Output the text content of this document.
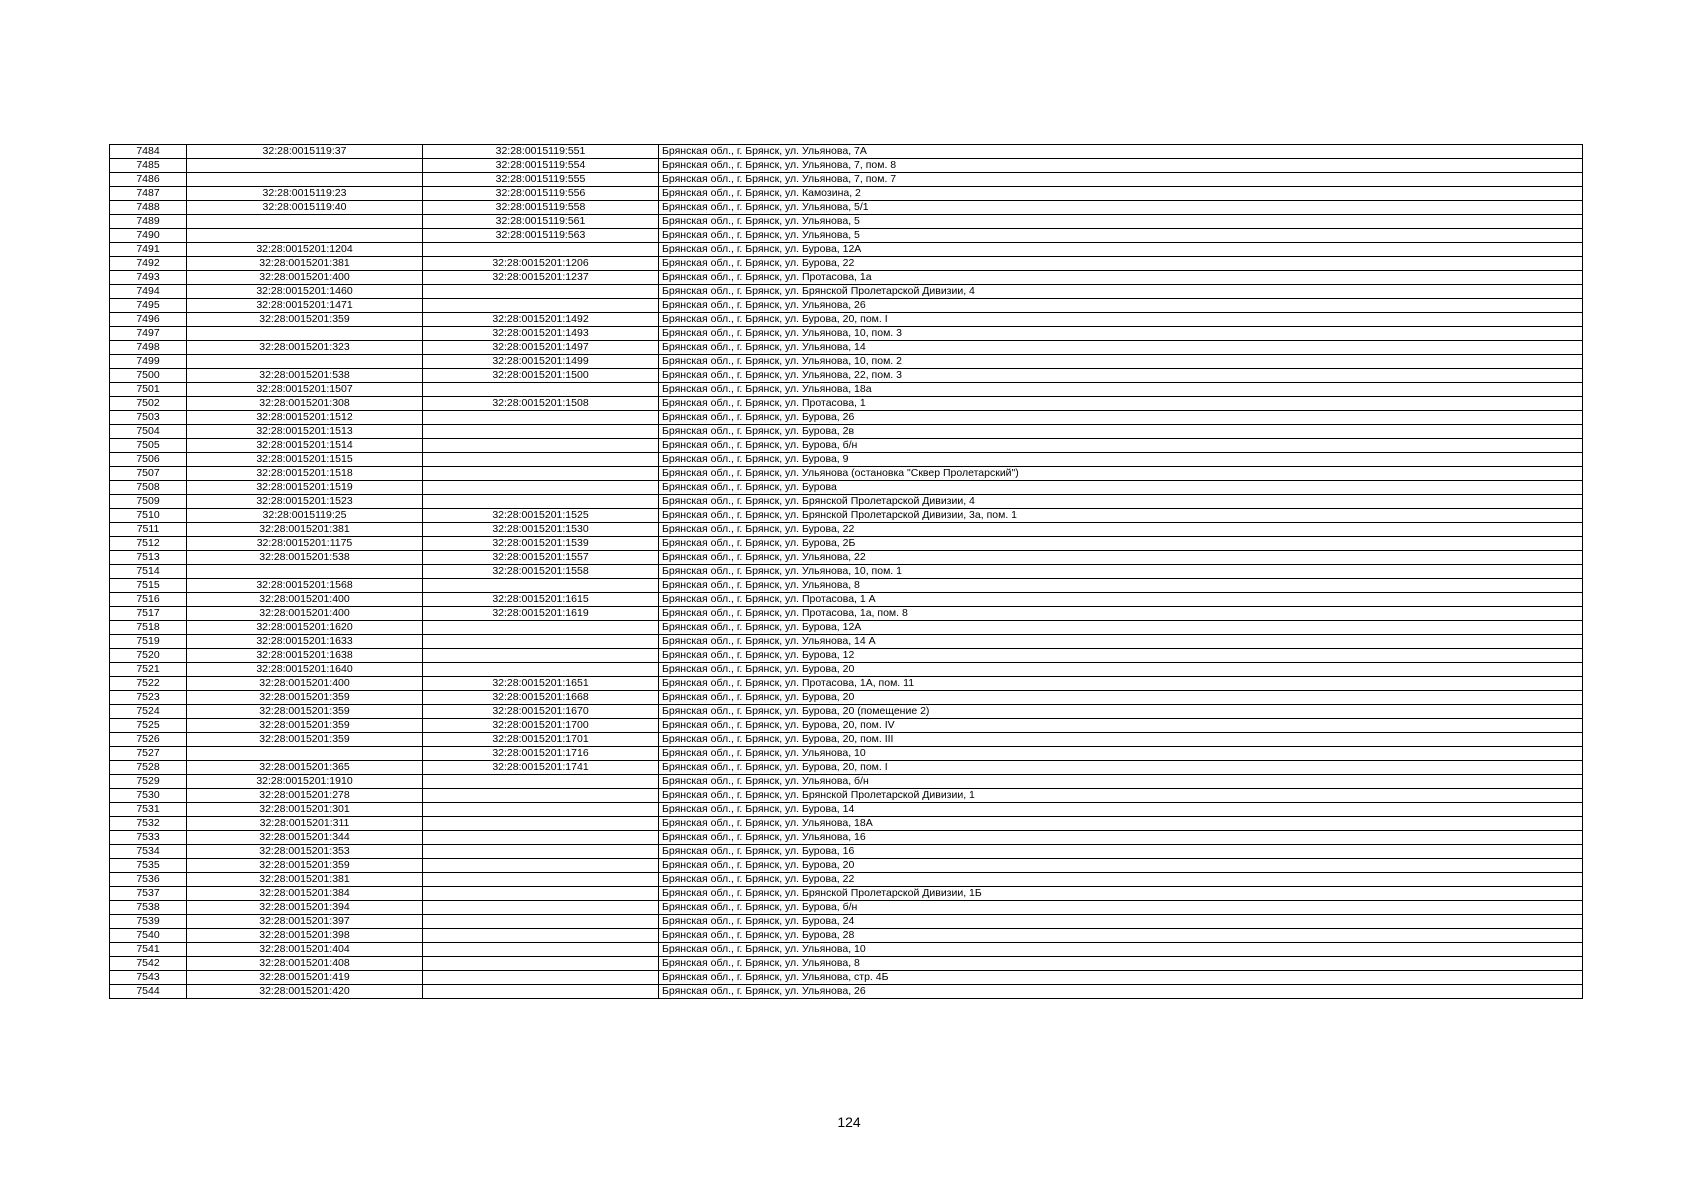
7484	32:28:0015119:37	32:28:0015119:551	Брянская обл., г. Брянск, ул. Ульянова, 7А
7485		32:28:0015119:554	Брянская обл., г. Брянск, ул. Ульянова, 7, пом. 8
7486		32:28:0015119:555	Брянская обл., г. Брянск, ул. Ульянова, 7, пом. 7
7487	32:28:0015119:23	32:28:0015119:556	Брянская обл., г. Брянск, ул. Камозина, 2
7488	32:28:0015119:40	32:28:0015119:558	Брянская обл., г. Брянск, ул. Ульянова, 5/1
7489		32:28:0015119:561	Брянская обл., г. Брянск, ул. Ульянова, 5
7490		32:28:0015119:563	Брянская обл., г. Брянск, ул. Ульянова, 5
7491	32:28:0015201:1204		Брянская обл., г. Брянск, ул. Бурова, 12А
7492	32:28:0015201:381	32:28:0015201:1206	Брянская обл., г. Брянск, ул. Бурова, 22
7493	32:28:0015201:400	32:28:0015201:1237	Брянская обл., г. Брянск, ул. Протасова, 1а
7494	32:28:0015201:1460		Брянская обл., г. Брянск, ул. Брянской Пролетарской Дивизии, 4
7495	32:28:0015201:1471		Брянская обл., г. Брянск, ул. Ульянова, 26
7496	32:28:0015201:359	32:28:0015201:1492	Брянская обл., г. Брянск, ул. Бурова, 20, пом. I
7497		32:28:0015201:1493	Брянская обл., г. Брянск, ул. Ульянова, 10, пом. 3
7498	32:28:0015201:323	32:28:0015201:1497	Брянская обл., г. Брянск, ул. Ульянова, 14
7499		32:28:0015201:1499	Брянская обл., г. Брянск, ул. Ульянова, 10, пом. 2
7500	32:28:0015201:538	32:28:0015201:1500	Брянская обл., г. Брянск, ул. Ульянова, 22, пом. 3
7501	32:28:0015201:1507		Брянская обл., г. Брянск, ул. Ульянова, 18а
7502	32:28:0015201:308	32:28:0015201:1508	Брянская обл., г. Брянск, ул. Протасова, 1
7503	32:28:0015201:1512		Брянская обл., г. Брянск, ул. Бурова, 26
7504	32:28:0015201:1513		Брянская обл., г. Брянск, ул. Бурова, 2в
7505	32:28:0015201:1514		Брянская обл., г. Брянск, ул. Бурова, б/н
7506	32:28:0015201:1515		Брянская обл., г. Брянск, ул. Бурова, 9
7507	32:28:0015201:1518		Брянская обл., г. Брянск, ул. Ульянова (остановка "Сквер Пролетарский")
7508	32:28:0015201:1519		Брянская обл., г. Брянск, ул. Бурова
7509	32:28:0015201:1523		Брянская обл., г. Брянск, ул. Брянской Пролетарской Дивизии, 4
7510	32:28:0015119:25	32:28:0015201:1525	Брянская обл., г. Брянск, ул. Брянской Пролетарской Дивизии, 3а, пом. 1
7511	32:28:0015201:381	32:28:0015201:1530	Брянская обл., г. Брянск, ул. Бурова, 22
7512	32:28:0015201:1175	32:28:0015201:1539	Брянская обл., г. Брянск, ул. Бурова, 2Б
7513	32:28:0015201:538	32:28:0015201:1557	Брянская обл., г. Брянск, ул. Ульянова, 22
7514		32:28:0015201:1558	Брянская обл., г. Брянск, ул. Ульянова, 10, пом. 1
7515	32:28:0015201:1568		Брянская обл., г. Брянск, ул. Ульянова, 8
7516	32:28:0015201:400	32:28:0015201:1615	Брянская обл., г. Брянск, ул. Протасова, 1 А
7517	32:28:0015201:400	32:28:0015201:1619	Брянская обл., г. Брянск, ул. Протасова, 1а, пом. 8
7518	32:28:0015201:1620		Брянская обл., г. Брянск, ул. Бурова, 12А
7519	32:28:0015201:1633		Брянская обл., г. Брянск, ул. Ульянова, 14 А
7520	32:28:0015201:1638		Брянская обл., г. Брянск, ул. Бурова, 12
7521	32:28:0015201:1640		Брянская обл., г. Брянск, ул. Бурова, 20
7522	32:28:0015201:400	32:28:0015201:1651	Брянская обл., г. Брянск, ул. Протасова, 1А, пом. 11
7523	32:28:0015201:359	32:28:0015201:1668	Брянская обл., г. Брянск, ул. Бурова, 20
7524	32:28:0015201:359	32:28:0015201:1670	Брянская обл., г. Брянск, ул. Бурова, 20 (помещение 2)
7525	32:28:0015201:359	32:28:0015201:1700	Брянская обл., г. Брянск, ул. Бурова, 20, пом. IV
7526	32:28:0015201:359	32:28:0015201:1701	Брянская обл., г. Брянск, ул. Бурова, 20, пом. III
7527		32:28:0015201:1716	Брянская обл., г. Брянск, ул. Ульянова, 10
7528	32:28:0015201:365	32:28:0015201:1741	Брянская обл., г. Брянск, ул. Бурова, 20, пом. I
7529	32:28:0015201:1910		Брянская обл., г. Брянск, ул. Ульянова, б/н
7530	32:28:0015201:278		Брянская обл., г. Брянск, ул. Брянской Пролетарской Дивизии, 1
7531	32:28:0015201:301		Брянская обл., г. Брянск, ул. Бурова, 14
7532	32:28:0015201:311		Брянская обл., г. Брянск, ул. Ульянова, 18А
7533	32:28:0015201:344		Брянская обл., г. Брянск, ул. Ульянова, 16
7534	32:28:0015201:353		Брянская обл., г. Брянск, ул. Бурова, 16
7535	32:28:0015201:359		Брянская обл., г. Брянск, ул. Бурова, 20
7536	32:28:0015201:381		Брянская обл., г. Брянск, ул. Бурова, 22
7537	32:28:0015201:384		Брянская обл., г. Брянск, ул. Брянской Пролетарской Дивизии, 1Б
7538	32:28:0015201:394		Брянская обл., г. Брянск, ул. Бурова, б/н
7539	32:28:0015201:397		Брянская обл., г. Брянск, ул. Бурова, 24
7540	32:28:0015201:398		Брянская обл., г. Брянск, ул. Бурова, 28
7541	32:28:0015201:404		Брянская обл., г. Брянск, ул. Ульянова, 10
7542	32:28:0015201:408		Брянская обл., г. Брянск, ул. Ульянова, 8
7543	32:28:0015201:419		Брянская обл., г. Брянск, ул. Ульянова, стр. 4Б
7544	32:28:0015201:420		Брянская обл., г. Брянск, ул. Ульянова, 26
124
